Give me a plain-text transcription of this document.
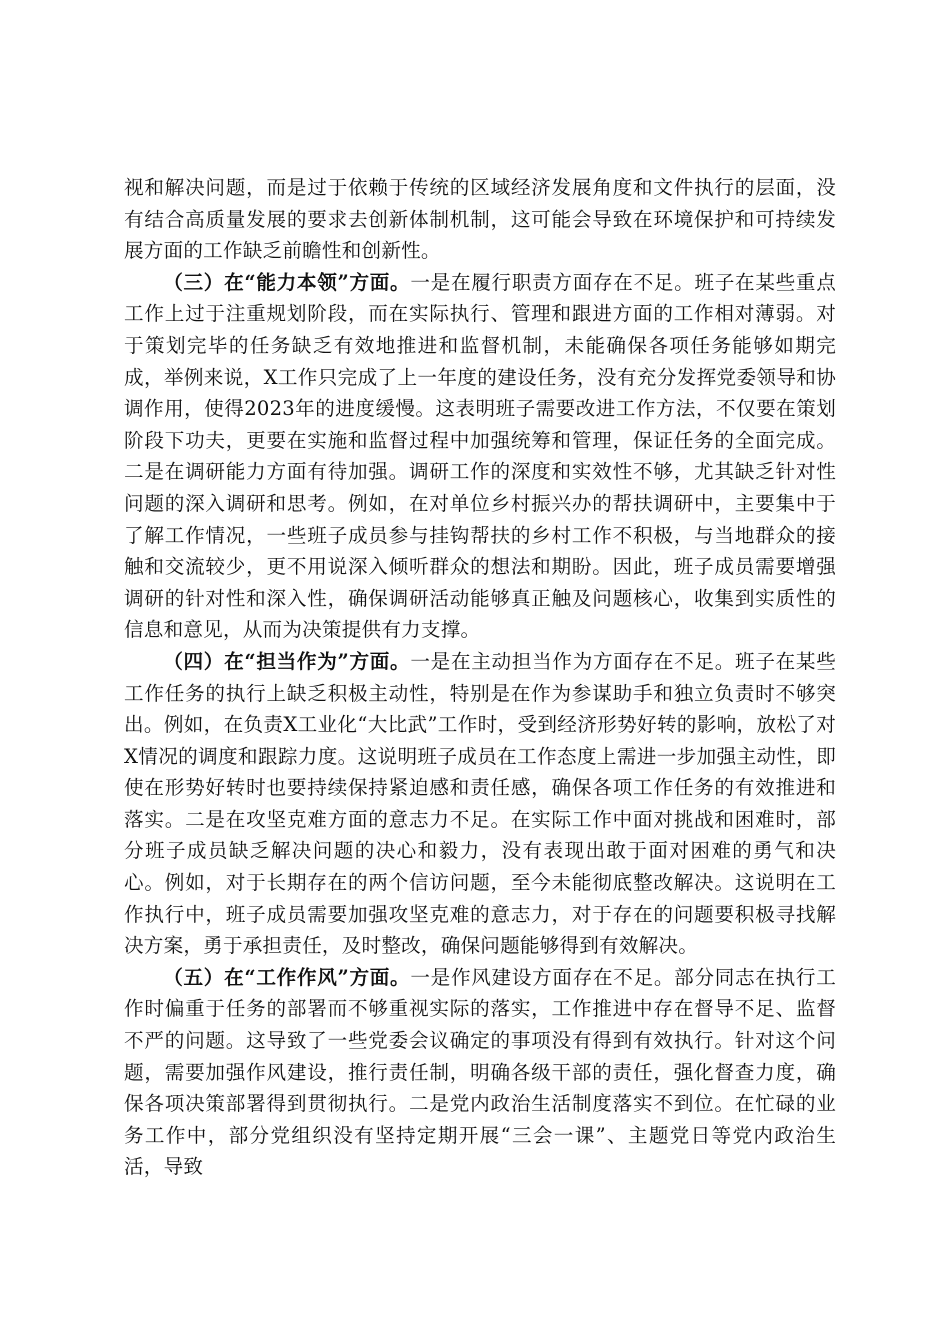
视和解决问题，而是过于依赖于传统的区域经济发展角度和文件执行的层面，没有结合高质量发展的要求去创新体制机制，这可能会导致在环境保护和可持续发展方面的工作缺乏前瞻性和创新性。

（三）在“能力本领”方面。一是在履行职责方面存在不足。班子在某些重点工作上过于注重规划阶段，而在实际执行、管理和跟进方面的工作相对薄弱。对于策划完毕的任务缺乏有效地推进和监督机制，未能确保各项任务能够如期完成，举例来说，X工作只完成了上一年度的建设任务，没有充分发挥党委领导和协调作用，使得2023年的进度缓慢。这表明班子需要改进工作方法，不仅要在策划阶段下功夫，更要在实施和监督过程中加强统筹和管理，保证任务的全面完成。二是在调研能力方面有待加强。调研工作的深度和实效性不够，尤其缺乏针对性问题的深入调研和思考。例如，在对单位乡村振兴办的帮扶调研中，主要集中于了解工作情况，一些班子成员参与挂钩帮扶的乡村工作不积极，与当地群众的接触和交流较少，更不用说深入倾听群众的想法和期盼。因此，班子成员需要增强调研的针对性和深入性，确保调研活动能够真正触及问题核心，收集到实质性的信息和意见，从而为决策提供有力支撑。

（四）在“担当作为”方面。一是在主动担当作为方面存在不足。班子在某些工作任务的执行上缺乏积极主动性，特别是在作为参谋助手和独立负责时不够突出。例如，在负责X工业化“大比武”工作时，受到经济形势好转的影响，放松了对X情况的调度和跟踪力度。这说明班子成员在工作态度上需进一步加强主动性，即使在形势好转时也要持续保持紧迫感和责任感，确保各项工作任务的有效推进和落实。二是在攻坚克难方面的意志力不足。在实际工作中面对挑战和困难时，部分班子成员缺乏解决问题的决心和毅力，没有表现出敢于面对困难的勇气和决心。例如，对于长期存在的两个信访问题，至今未能彻底整改解决。这说明在工作执行中，班子成员需要加强攻坚克难的意志力，对于存在的问题要积极寻找解决方案，勇于承担责任，及时整改，确保问题能够得到有效解决。

（五）在“工作作风”方面。一是作风建设方面存在不足。部分同志在执行工作时偏重于任务的部署而不够重视实际的落实，工作推进中存在督导不足、监督不严的问题。这导致了一些党委会议确定的事项没有得到有效执行。针对这个问题，需要加强作风建设，推行责任制，明确各级干部的责任，强化督查力度，确保各项决策部署得到贯彻执行。二是党内政治生活制度落实不到位。在忙碌的业务工作中，部分党组织没有坚持定期开展“三会一课”、主题党日等党内政治生活，导致
